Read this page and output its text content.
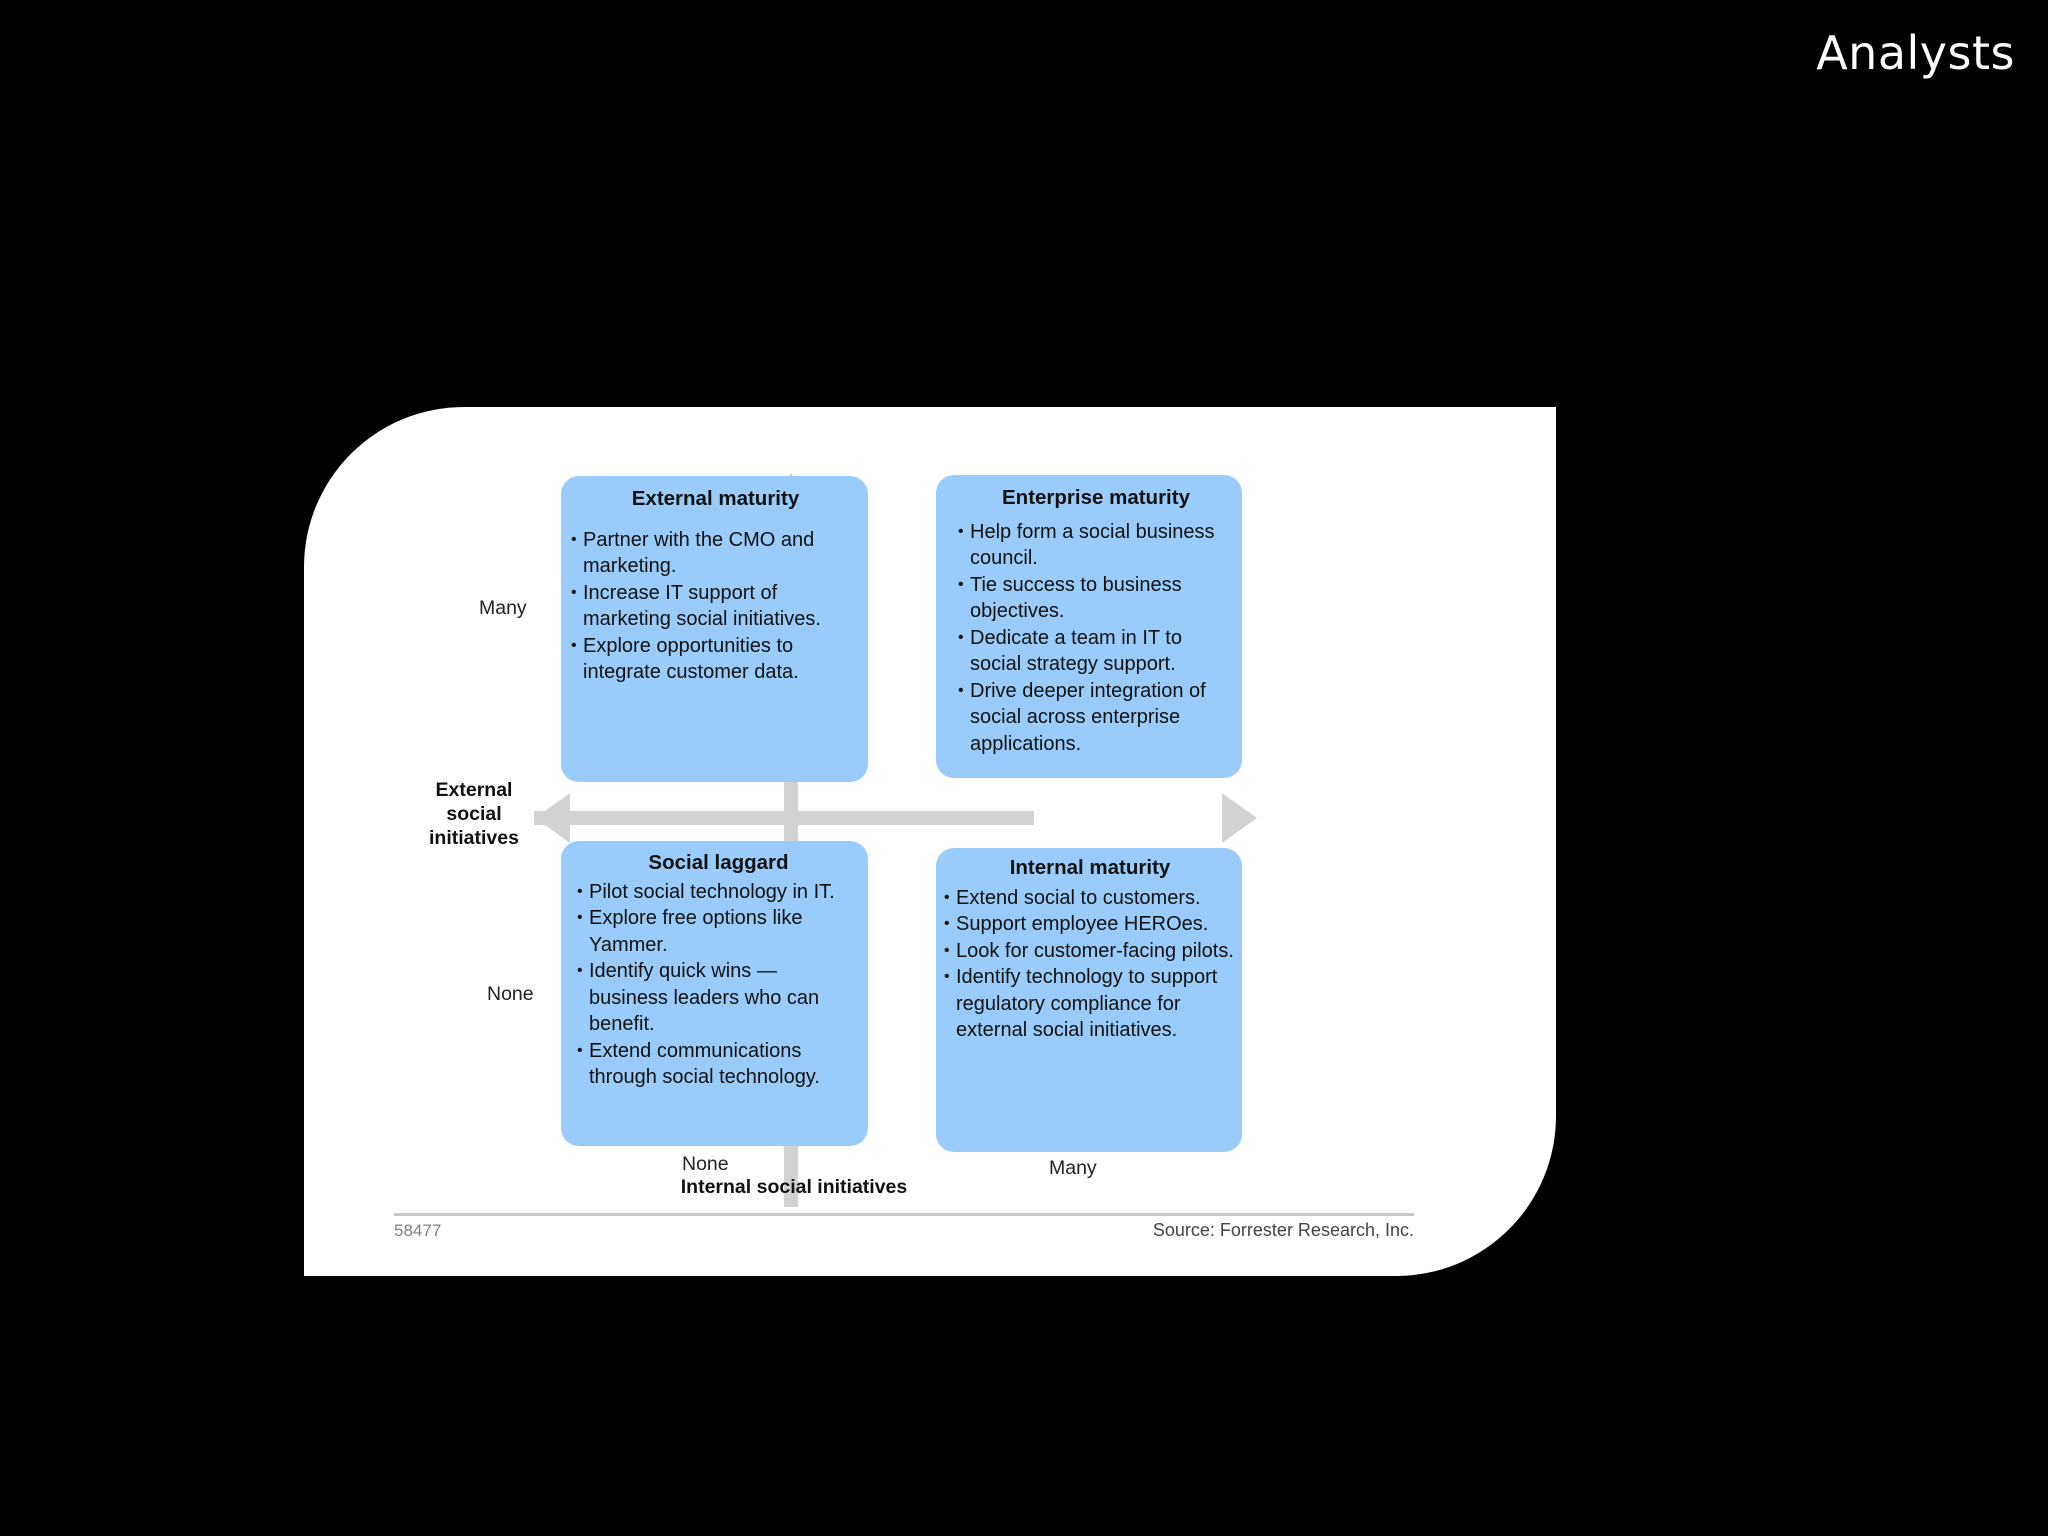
Analysts
External maturity
• Partner with the CMO and marketing.
• Increase IT support of marketing social initiatives.
• Explore opportunities to integrate customer data.
Enterprise maturity
• Help form a social business council.
• Tie success to business objectives.
• Dedicate a team in IT to social strategy support.
• Drive deeper integration of social across enterprise applications.
Social laggard
• Pilot social technology in IT.
• Explore free options like Yammer.
• Identify quick wins — business leaders who can benefit.
• Extend communications through social technology.
Internal maturity
• Extend social to customers.
• Support employee HEROes.
• Look for customer-facing pilots.
• Identify technology to support regulatory compliance for external social initiatives.
Many
None
External
social
initiatives
None	Many
Internal social initiatives
58477	Source: Forrester Research, Inc.
